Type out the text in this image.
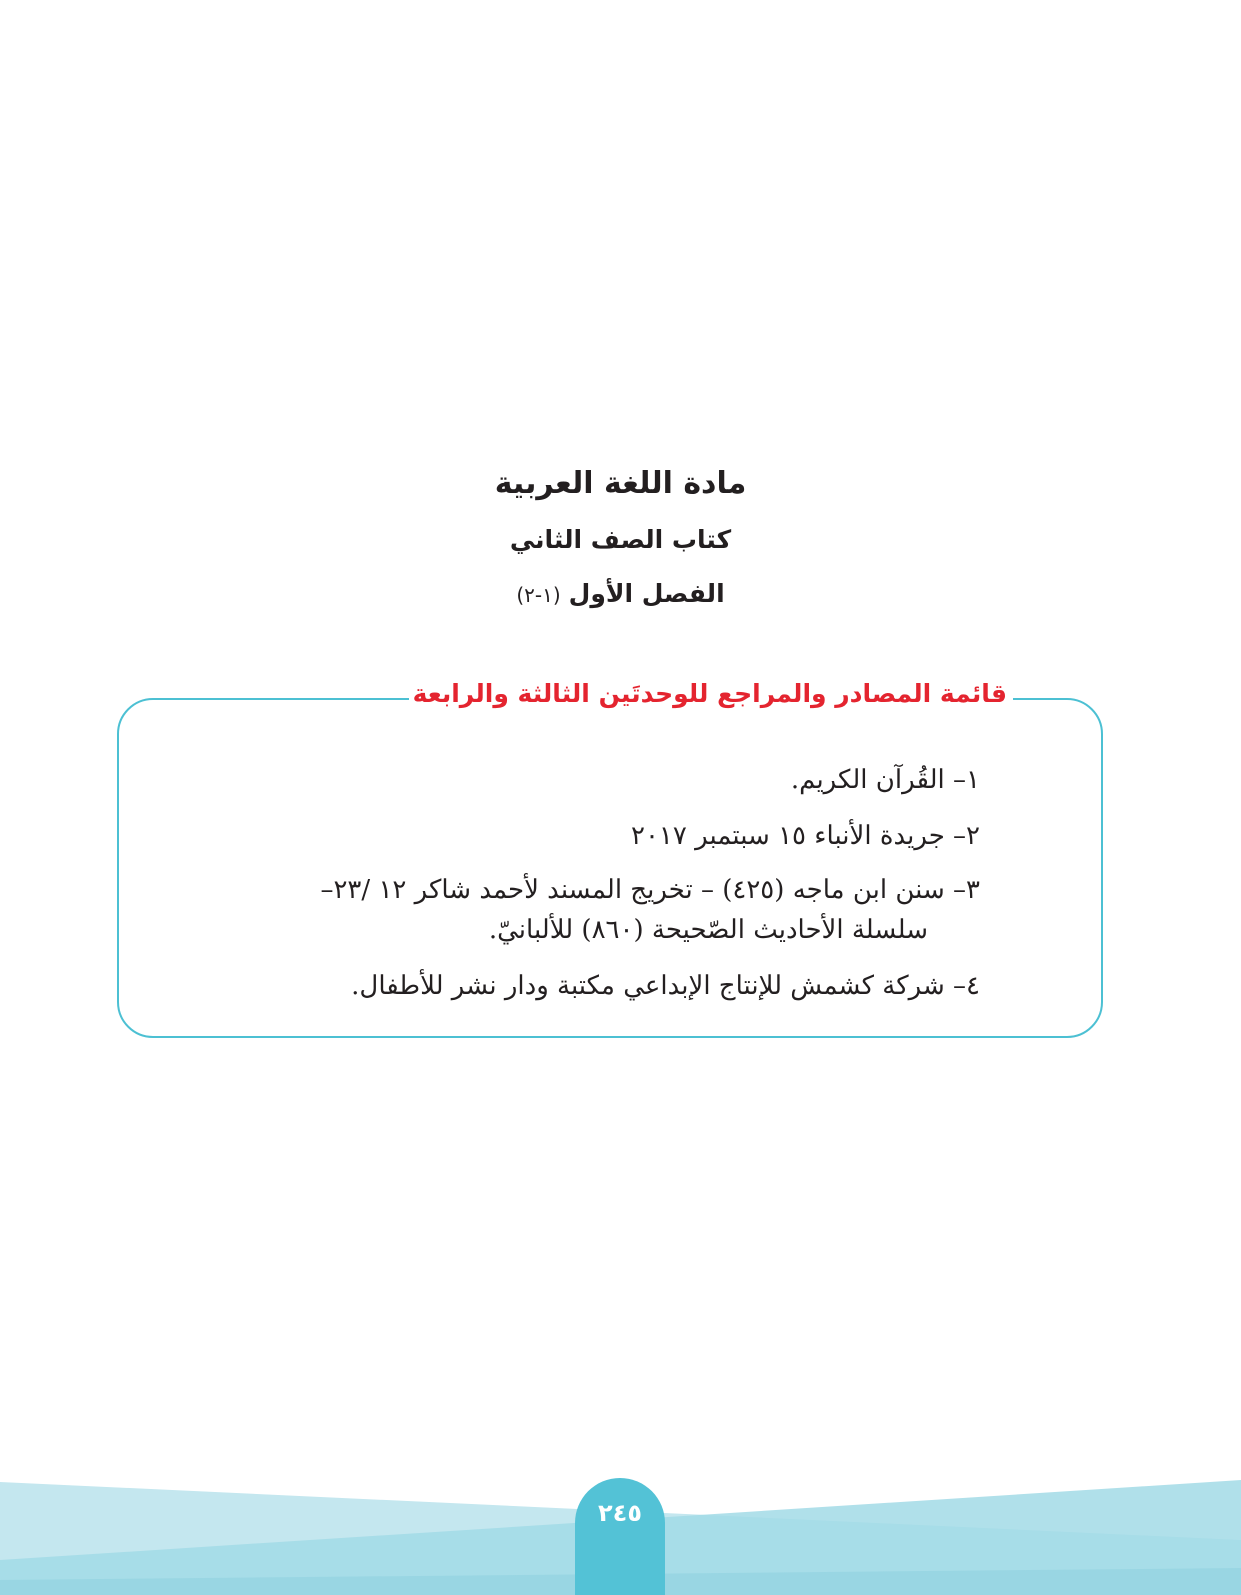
مادة اللغة العربية
كتاب الصف الثاني
الفصل الأول (١-٢)
قائمة المصادر والمراجع للوحدتَين الثالثة والرابعة
١– القُرآن الكريم.
٢– جريدة الأنباء ١٥ سبتمبر ٢٠١٧
٣– سنن ابن ماجه (٤٢٥) – تخريج المسند لأحمد شاكر ١٢ /٢٣–
سلسلة الأحاديث الصّحيحة (٨٦٠) للألبانيّ.
٤– شركة كشمش للإنتاج الإبداعي مكتبة ودار نشر للأطفال.
٢٤٥
